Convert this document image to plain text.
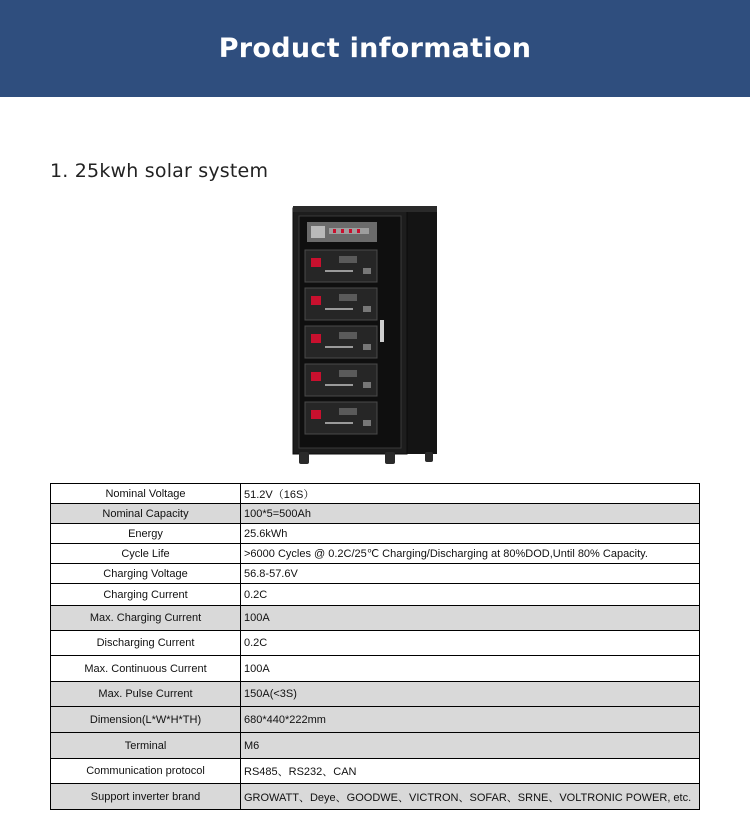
Product information
1. 25kwh solar system
Nominal Voltage	51.2V（16S）
Nominal Capacity	100*5=500Ah
Energy	25.6kWh
Cycle Life	>6000 Cycles @ 0.2C/25℃ Charging/Discharging at 80%DOD,Until 80% Capacity.
Charging Voltage	56.8-57.6V
Charging Current	0.2C
Max. Charging Current	100A
Discharging Current	0.2C
Max. Continuous Current	100A
Max. Pulse Current	150A(<3S)
Dimension(L*W*H*TH)	680*440*222mm
Terminal	M6
Communication protocol	RS485、RS232、CAN
Support inverter brand	GROWATT、Deye、GOODWE、VICTRON、SOFAR、SRNE、VOLTRONIC POWER, etc.
